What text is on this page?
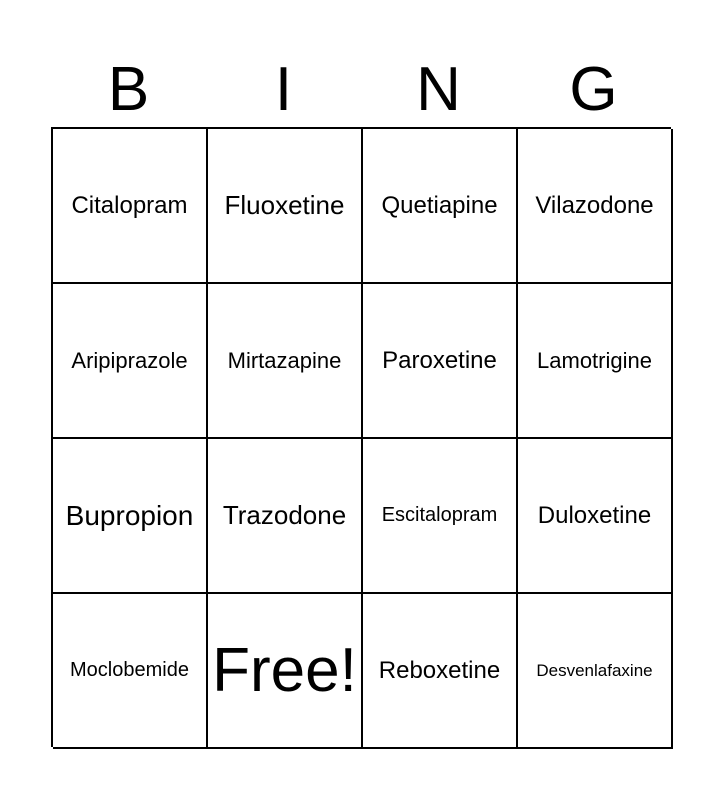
B	I	N	G
Citalopram Fluoxetine Quetiapine Vilazodone
Aripiprazole Mirtazapine Paroxetine Lamotrigine
Bupropion Trazodone Escitalopram Duloxetine
Moclobemide Free! Reboxetine Desvenlafaxine
